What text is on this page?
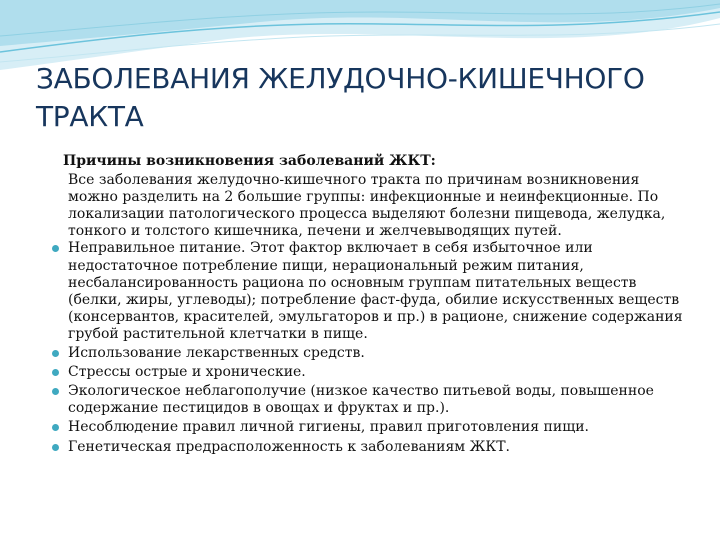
ЗАБОЛЕВАНИЯ ЖЕЛУДОЧНО-КИШЕЧНОГО ТРАКТА

Причины возникновения заболеваний ЖКТ:

Все заболевания желудочно-кишечного тракта по причинам возникновения можно разделить на 2 большие группы: инфекционные и неинфекционные. По локализации патологического процесса выделяют болезни пищевода, желудка, тонкого и толстого кишечника, печени и желчевыводящих путей.

Неправильное питание. Этот фактор включает в себя избыточное или недостаточное потребление пищи, нерациональный режим питания, несбалансированность рациона по основным группам питательных веществ (белки, жиры, углеводы); потребление фаст-фуда, обилие искусственных веществ (консервантов, красителей, эмульгаторов и пр.) в рационе, снижение содержания грубой растительной клетчатки в пище.
Использование лекарственных средств.
Стрессы острые и хронические.
Экологическое неблагополучие (низкое качество питьевой воды, повышенное содержание пестицидов в овощах и фруктах и пр.).
Несоблюдение правил личной гигиены, правил приготовления пищи.
Генетическая предрасположенность к заболеваниям ЖКТ.
